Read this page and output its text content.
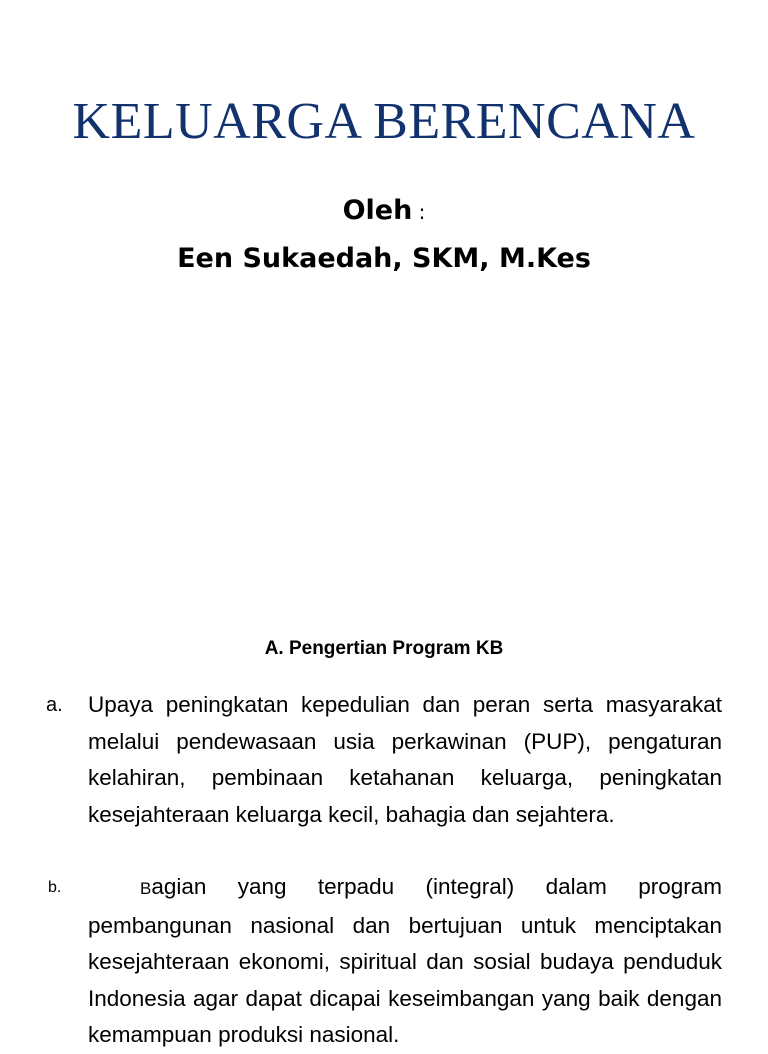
KELUARGA BERENCANA
Oleh :
Een Sukaedah, SKM, M.Kes
A. Pengertian Program KB
a. Upaya peningkatan kepedulian dan peran serta masyarakat melalui pendewasaan usia perkawinan (PUP), pengaturan kelahiran, pembinaan ketahanan keluarga, peningkatan kesejahteraan keluarga kecil, bahagia dan sejahtera.
b.	Bagian yang terpadu (integral) dalam program pembangunan nasional dan bertujuan untuk menciptakan kesejahteraan ekonomi, spiritual dan sosial budaya penduduk Indonesia agar dapat dicapai keseimbangan yang baik dengan kemampuan produksi nasional.
